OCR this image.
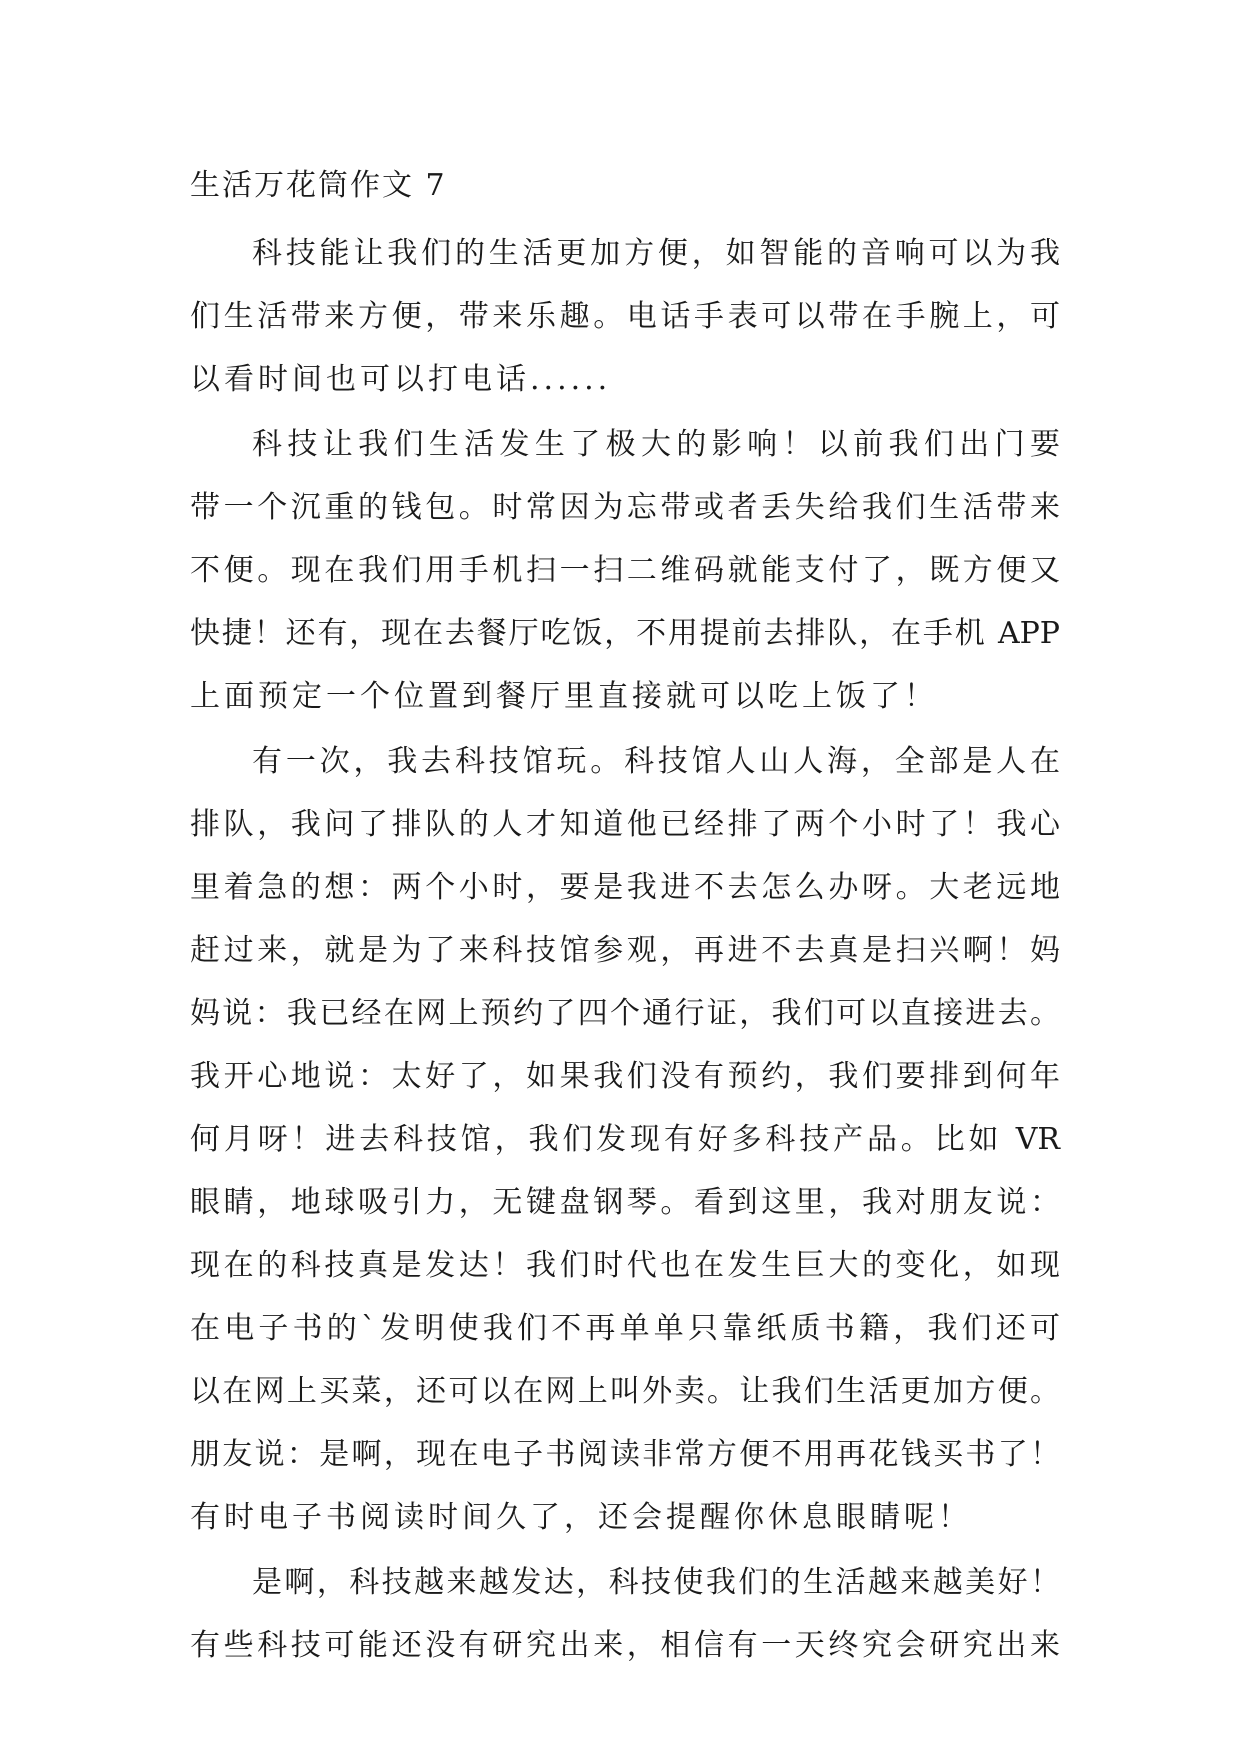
生活万花筒作文 7
科技能让我们的生活更加方便，如智能的音响可以为我
们生活带来方便，带来乐趣。电话手表可以带在手腕上，可
以看时间也可以打电话......
科技让我们生活发生了极大的影响！以前我们出门要
带一个沉重的钱包。时常因为忘带或者丢失给我们生活带来
不便。现在我们用手机扫一扫二维码就能支付了，既方便又
快捷！还有，现在去餐厅吃饭，不用提前去排队，在手机 APP
上面预定一个位置到餐厅里直接就可以吃上饭了！
有一次，我去科技馆玩。科技馆人山人海，全部是人在
排队，我问了排队的人才知道他已经排了两个小时了！我心
里着急的想：两个小时，要是我进不去怎么办呀。大老远地
赶过来，就是为了来科技馆参观，再进不去真是扫兴啊！妈
妈说：我已经在网上预约了四个通行证，我们可以直接进去。
我开心地说：太好了，如果我们没有预约，我们要排到何年
何月呀！进去科技馆，我们发现有好多科技产品。比如 VR
眼睛，地球吸引力，无键盘钢琴。看到这里，我对朋友说：
现在的科技真是发达！我们时代也在发生巨大的变化，如现
在电子书的`发明使我们不再单单只靠纸质书籍，我们还可
以在网上买菜，还可以在网上叫外卖。让我们生活更加方便。
朋友说：是啊，现在电子书阅读非常方便不用再花钱买书了！
有时电子书阅读时间久了，还会提醒你休息眼睛呢！
是啊，科技越来越发达，科技使我们的生活越来越美好！
有些科技可能还没有研究出来，相信有一天终究会研究出来
